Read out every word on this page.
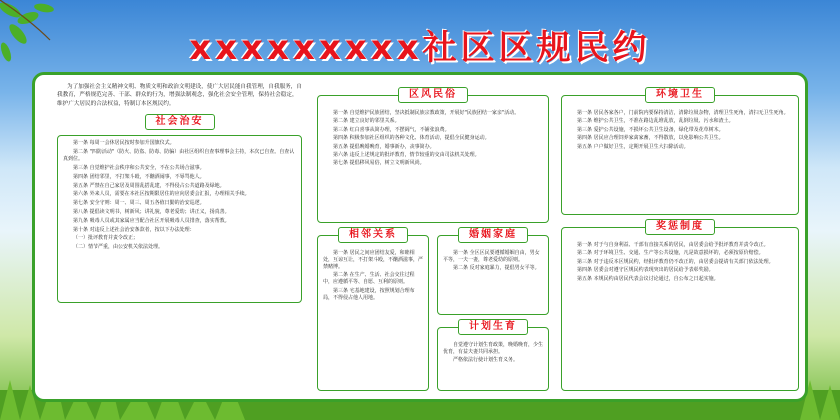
xxxxxxxxx社区区规民约

为了加强社会主义精神文明、物质文明和政治文明建设，使广大居民能自我管理，自我服务，自我教育，严格规范完善、干部、群众的行为，增强法制观念，强化社会安全管理，保持社会稳定，维护广大居民的合法权益，特制订本区规民约。

社会治安

第一条 每周一会休居民按时参加升国旗仪式。

第二条 "四防活动"（防火、防盗、防毒、防骗）由社区组织自查事理事会主持，本次已自查。自查认真到位。

第三条 自觉维护社会秩序和公共安全，不在公共场合滋事。

第四条 团结邻里，不打架斗殴，不酗酒闹事，不辱骂他人。

第五条 严禁在自己家居及周围乱搭乱建，不得侵占公共道路及绿地。

第六条 外来人员，需要在本社区按期限居住的应向居委会汇报，办理相关手续。

第七条 安全守则：周一、周三、周五各值日勤的治安巡逻。

第八条 提倡读文明书，树新风；讲礼貌，尊老爱幼；讲正义，扬真善。

第九条 吸毒人员或其家属应当配合社区开展吸毒人员排查，落实帮教。

第十条 对违反上述社会治安条款者，按以下办法处理：

（一）批评教育并责令改正；

（二）情节严重，由公安机关依法处理。

区风民俗

第一条 自觉维护民族团结，坚决抵制民族宗教政策，开展好"民族团结一家亲"活动。

第二条 建立良好的邻里关系。

第三条 红白喜事从简办理，不摆阔气，不铺张浪费。

第四条 积极参加社区组织的各种文化、体育活动，提倡全民健身运动。

第五条 提倡晚婚晚育，婚事新办，丧事简办。

第六条 违反上述规定的批评教育，情节较重的交由司法机关处理。

第七条 提倡移风易俗，树立文明新风尚。

相邻关系

第一条 居民之间应团结友爱，和睦相处，互谅互让，不打架斗殴，不酗酒滋事，严禁赌博。

第二条 在生产、生活、社会交往过程中，应遵循平等、自愿、互利的原则。

第三条 宅基地建设，按照规划合理布局，不得侵占他人用地。

婚姻家庭

第一条 全区区民要遵循婚姻自由，男女平等，一夫一妻，尊老爱幼的原则。

第二条 反对家庭暴力，提倡男女平等。

计划生育

自觉遵守计划生育政策，晚婚晚育，少生优育，有益夫妻共同承担。

严格依法行使计划生育义务。

环境卫生

第一条 居民各家各户，门前院内要保持清洁，清除垃圾杂物，清理卫生死角，清扫无卫生死角。

第二条 维护公共卫生，不准在路边乱堆乱放，乱倒垃圾、污水和渣土。

第三条 爱护公共设施，不损坏公共卫生设备，绿化带及花草树木。

第四条 居民应合理饲养家禽家畜，不得散放，以免影响公共卫生。

第五条 户户做好卫生，定期开展卫生大扫除活动。

奖惩制度

第一条 对于与自身利益、干部有直接关系的居民，由居委会给予批评教育并责令改正。

第二条 对于环境卫生、交通、生产等公共设施，凡是故意损坏的，必须按原价赔偿。

第三条 对于违反本区规民约，经批评教育仍不改正的，由居委会提请有关部门依法处理。

第四条 居委会对遵守区规民约表现突出的居民给予表彰奖励。

第五条 本规民约由居民代表会议讨论通过，自公布之日起实施。
